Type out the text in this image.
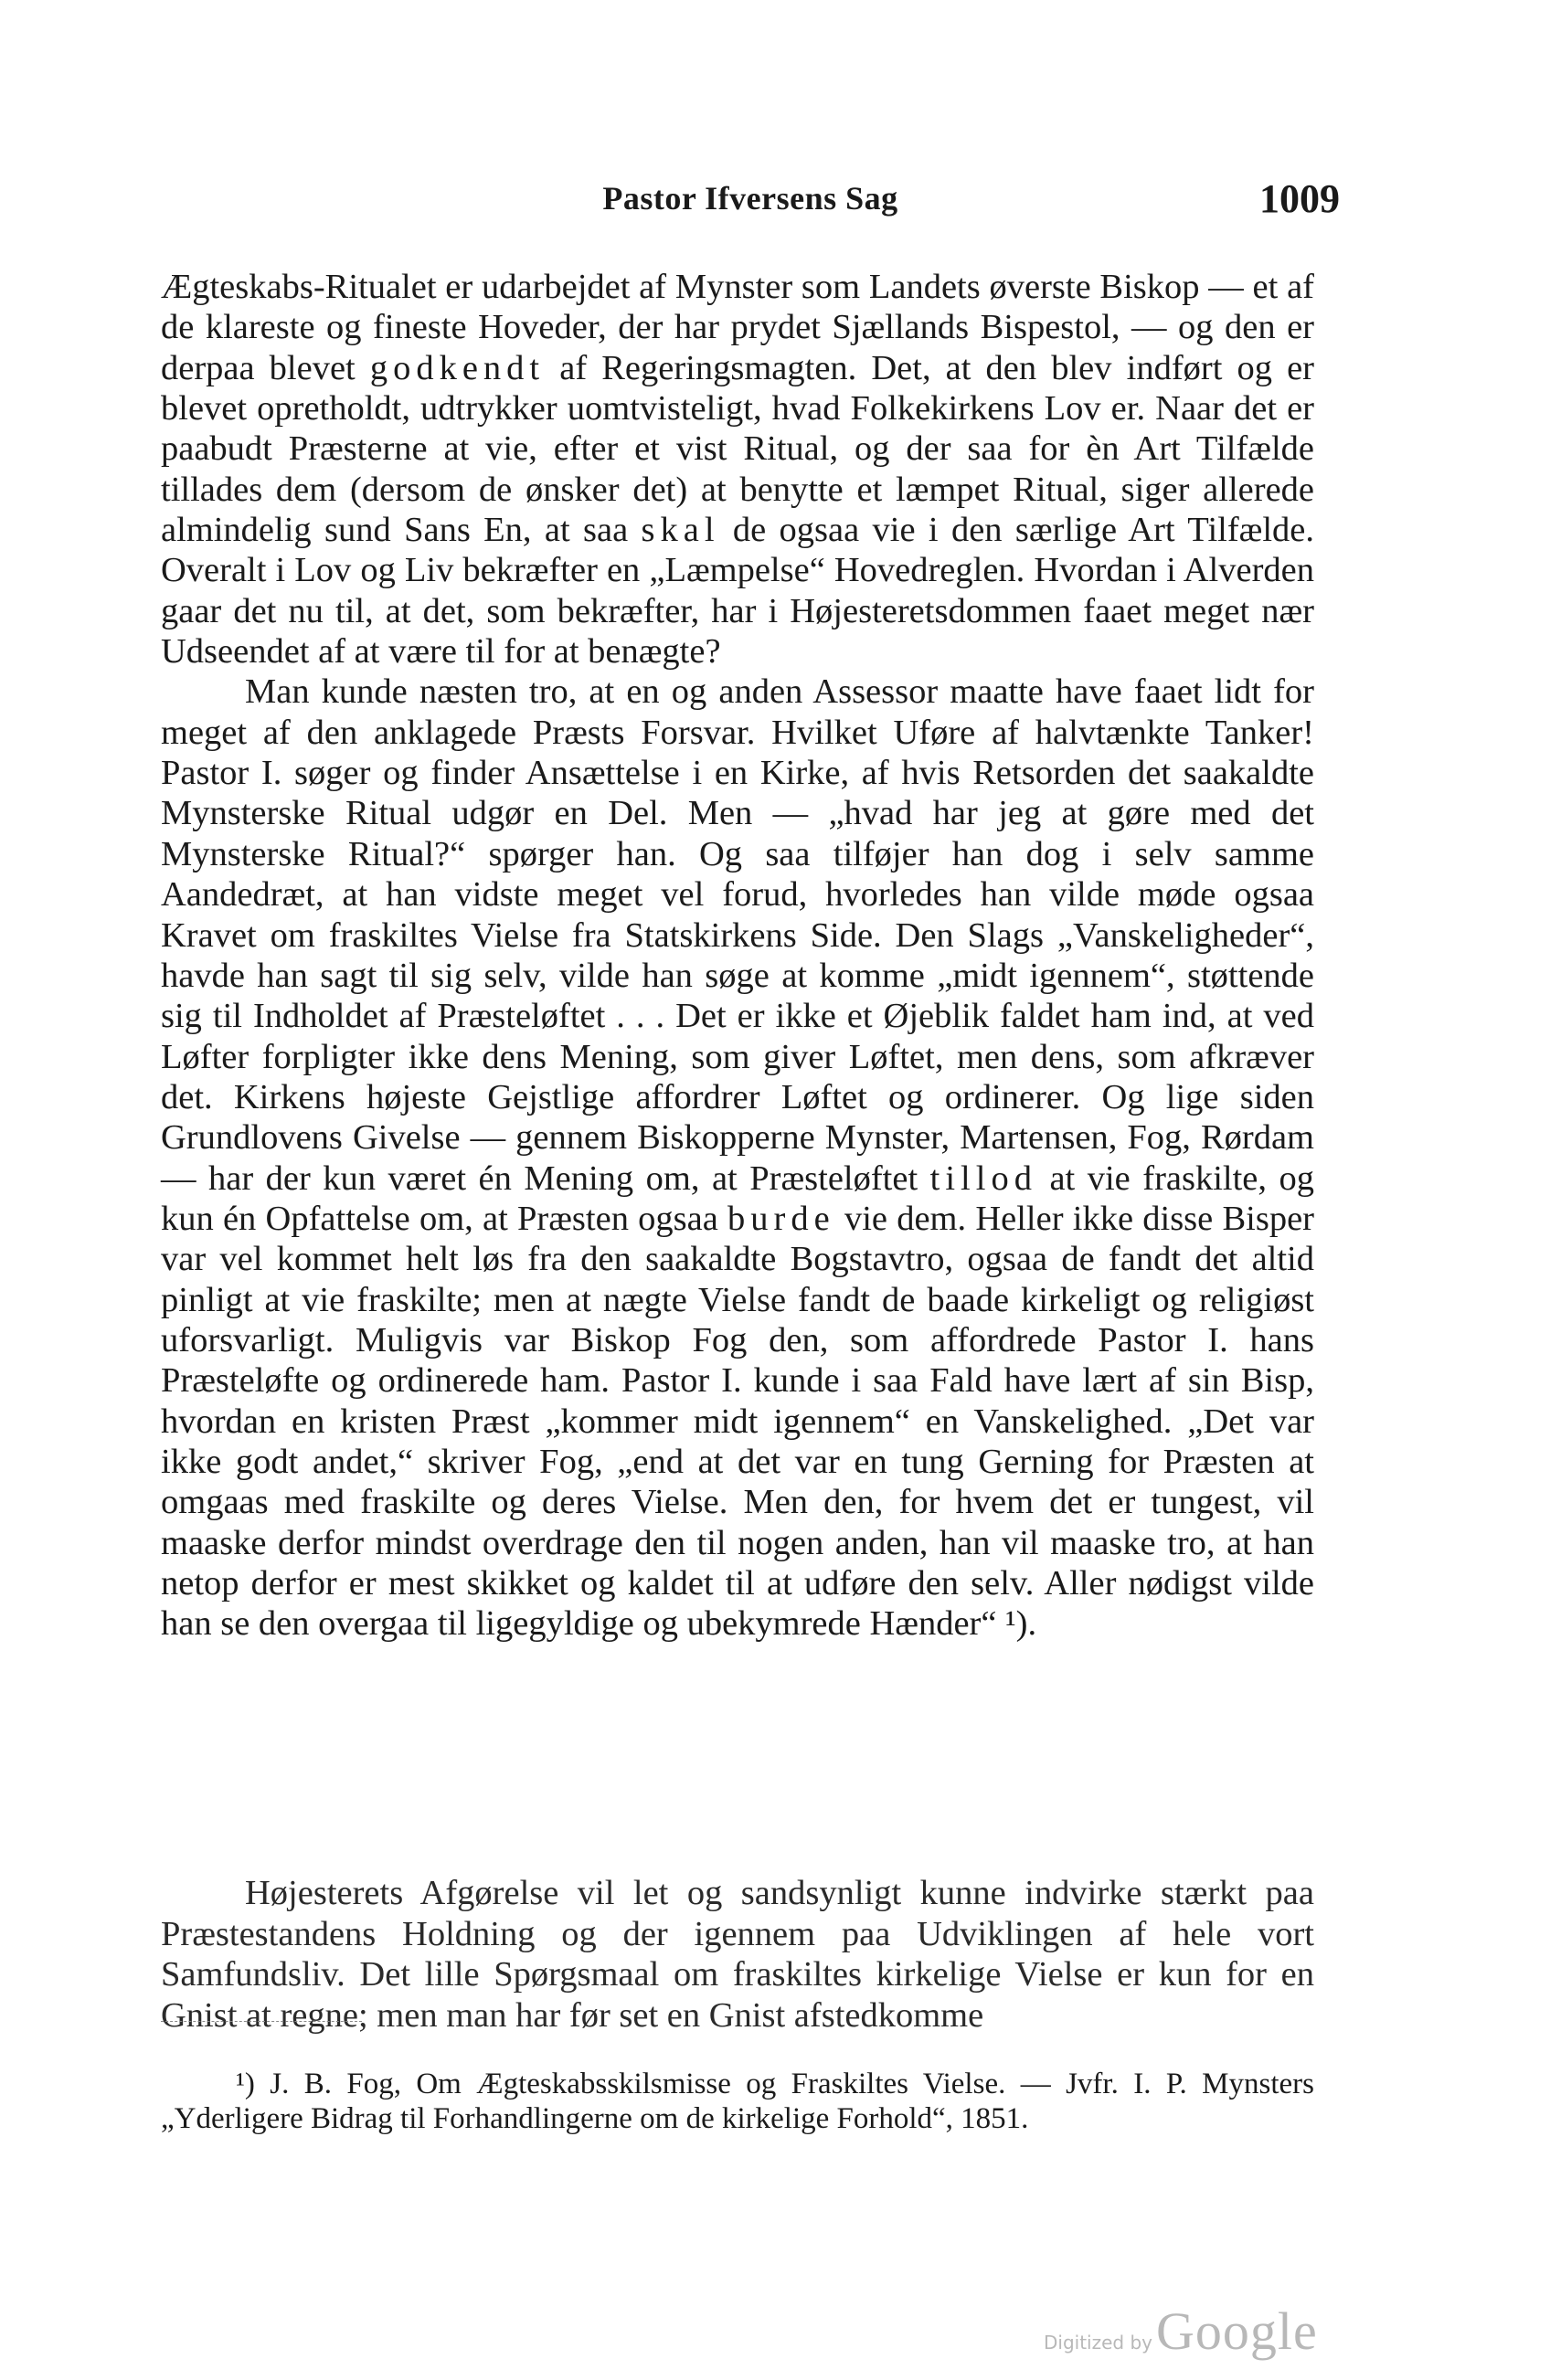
Pastor Ifversens Sag	1009

Ægteskabs-Ritualet er udarbejdet af Mynster som Landets øverste Biskop — et af de klareste og fineste Hoveder, der har prydet Sjællands Bispestol, — og den er derpaa blevet godkendt af Regeringsmagten. Det, at den blev indført og er blevet opretholdt, udtrykker uomtvisteligt, hvad Folkekirkens Lov er. Naar det er paabudt Præsterne at vie, efter et vist Ritual, og der saa for èn Art Tilfælde tillades dem (dersom de ønsker det) at benytte et læmpet Ritual, siger allerede almindelig sund Sans En, at saa skal de ogsaa vie i den særlige Art Tilfælde. Overalt i Lov og Liv bekræfter en „Læmpelse“ Hovedreglen. Hvordan i Alverden gaar det nu til, at det, som bekræfter, har i Højesteretsdommen faaet meget nær Udseendet af at være til for at benægte?

Man kunde næsten tro, at en og anden Assessor maatte have faaet lidt for meget af den anklagede Præsts Forsvar. Hvilket Uføre af halvtænkte Tanker! Pastor I. søger og finder Ansættelse i en Kirke, af hvis Retsorden det saakaldte Mynsterske Ritual udgør en Del. Men — „hvad har jeg at gøre med det Mynsterske Ritual?“ spørger han. Og saa tilføjer han dog i selv samme Aandedræt, at han vidste meget vel forud, hvorledes han vilde møde ogsaa Kravet om fraskiltes Vielse fra Statskirkens Side. Den Slags „Vanskeligheder“, havde han sagt til sig selv, vilde han søge at komme „midt igennem“, støttende sig til Indholdet af Præsteløftet . . . Det er ikke et Øjeblik faldet ham ind, at ved Løfter forpligter ikke dens Mening, som giver Løftet, men dens, som afkræver det. Kirkens højeste Gejstlige affordrer Løftet og ordinerer. Og lige siden Grundlovens Givelse — gennem Biskopperne Mynster, Martensen, Fog, Rørdam — har der kun været én Mening om, at Præsteløftet tillod at vie fraskilte, og kun én Opfattelse om, at Præsten ogsaa burde vie dem. Heller ikke disse Bisper var vel kommet helt løs fra den saakaldte Bogstavtro, ogsaa de fandt det altid pinligt at vie fraskilte; men at nægte Vielse fandt de baade kirkeligt og religiøst uforsvarligt. Muligvis var Biskop Fog den, som affordrede Pastor I. hans Præsteløfte og ordinerede ham. Pastor I. kunde i saa Fald have lært af sin Bisp, hvordan en kristen Præst „kommer midt igennem“ en Vanskelighed. „Det var ikke godt andet,“ skriver Fog, „end at det var en tung Gerning for Præsten at omgaas med fraskilte og deres Vielse. Men den, for hvem det er tungest, vil maaske derfor mindst overdrage den til nogen anden, han vil maaske tro, at han netop derfor er mest skikket og kaldet til at udføre den selv. Aller nødigst vilde han se den overgaa til ligegyldige og ubekymrede Hænder“ ¹).

Højesterets Afgørelse vil let og sandsynligt kunne indvirke stærkt paa Præstestandens Holdning og der igennem paa Udviklingen af hele vort Samfundsliv. Det lille Spørgsmaal om fraskiltes kirkelige Vielse er kun for en Gnist at regne; men man har før set en Gnist afstedkomme

¹) J. B. Fog, Om Ægteskabsskilsmisse og Fraskiltes Vielse. — Jvfr. I. P. Mynsters „Yderligere Bidrag til Forhandlingerne om de kirkelige Forhold“, 1851.

Digitized by Google
